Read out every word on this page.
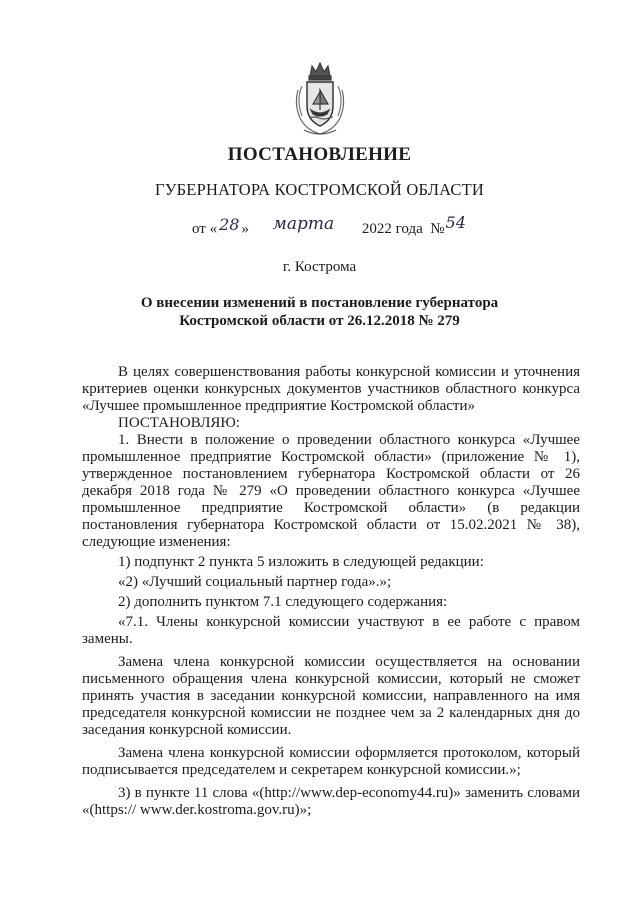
ПОСТАНОВЛЕНИЕ
ГУБЕРНАТОРА КОСТРОМСКОЙ ОБЛАСТИ
от « 28 » марта 2022 года №54
г. Кострома
О внесении изменений в постановление губернатора
Костромской области от 26.12.2018 № 279

В целях совершенствования работы конкурсной комиссии и уточнения критериев оценки конкурсных документов участников областного конкурса «Лучшее промышленное предприятие Костромской области»

ПОСТАНОВЛЯЮ:

1. Внести в положение о проведении областного конкурса «Лучшее промышленное предприятие Костромской области» (приложение № 1), утвержденное постановлением губернатора Костромской области от 26 декабря 2018 года № 279 «О проведении областного конкурса «Лучшее промышленное предприятие Костромской области» (в редакции постановления губернатора Костромской области от 15.02.2021 № 38), следующие изменения:

1) подпункт 2 пункта 5 изложить в следующей редакции:

«2) «Лучший социальный партнер года».»;

2) дополнить пунктом 7.1 следующего содержания:

«7.1. Члены конкурсной комиссии участвуют в ее работе с правом замены.

Замена члена конкурсной комиссии осуществляется на основании письменного обращения члена конкурсной комиссии, который не сможет принять участия в заседании конкурсной комиссии, направленного на имя председателя конкурсной комиссии не позднее чем за 2 календарных дня до заседания конкурсной комиссии.

Замена члена конкурсной комиссии оформляется протоколом, который подписывается председателем и секретарем конкурсной комиссии.»;

3) в пункте 11 слова «(http://www.dep-economy44.ru)» заменить словами «(https:// www.der.kostroma.gov.ru)»;
